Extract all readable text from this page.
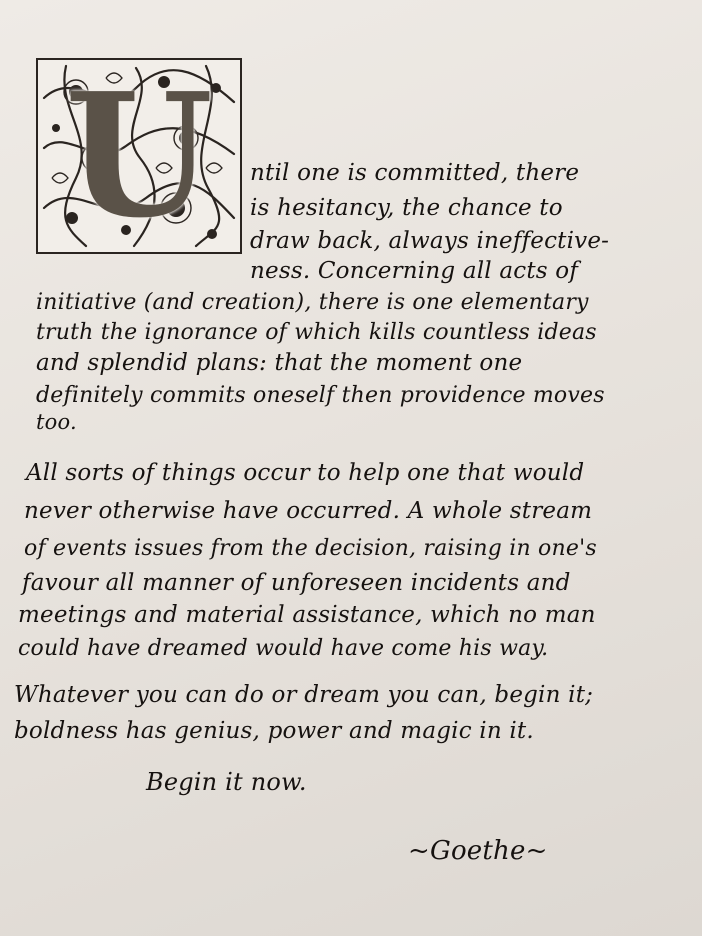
U	ntil one is committed, there
is hesitancy, the chance to
draw back, always ineffective-
ness. Concerning all acts of
initiative (and creation), there is one elementary
truth the ignorance of which kills countless ideas
and splendid plans: that the moment one
definitely commits oneself then providence moves
too.
All sorts of things occur to help one that would
never otherwise have occurred. A whole stream
of events issues from the decision, raising in one's
favour all manner of unforeseen incidents and
meetings and material assistance, which no man
could have dreamed would have come his way.
Whatever you can do or dream you can, begin it;
boldness has genius, power and magic in it.
Begin it now.
~Goethe~
